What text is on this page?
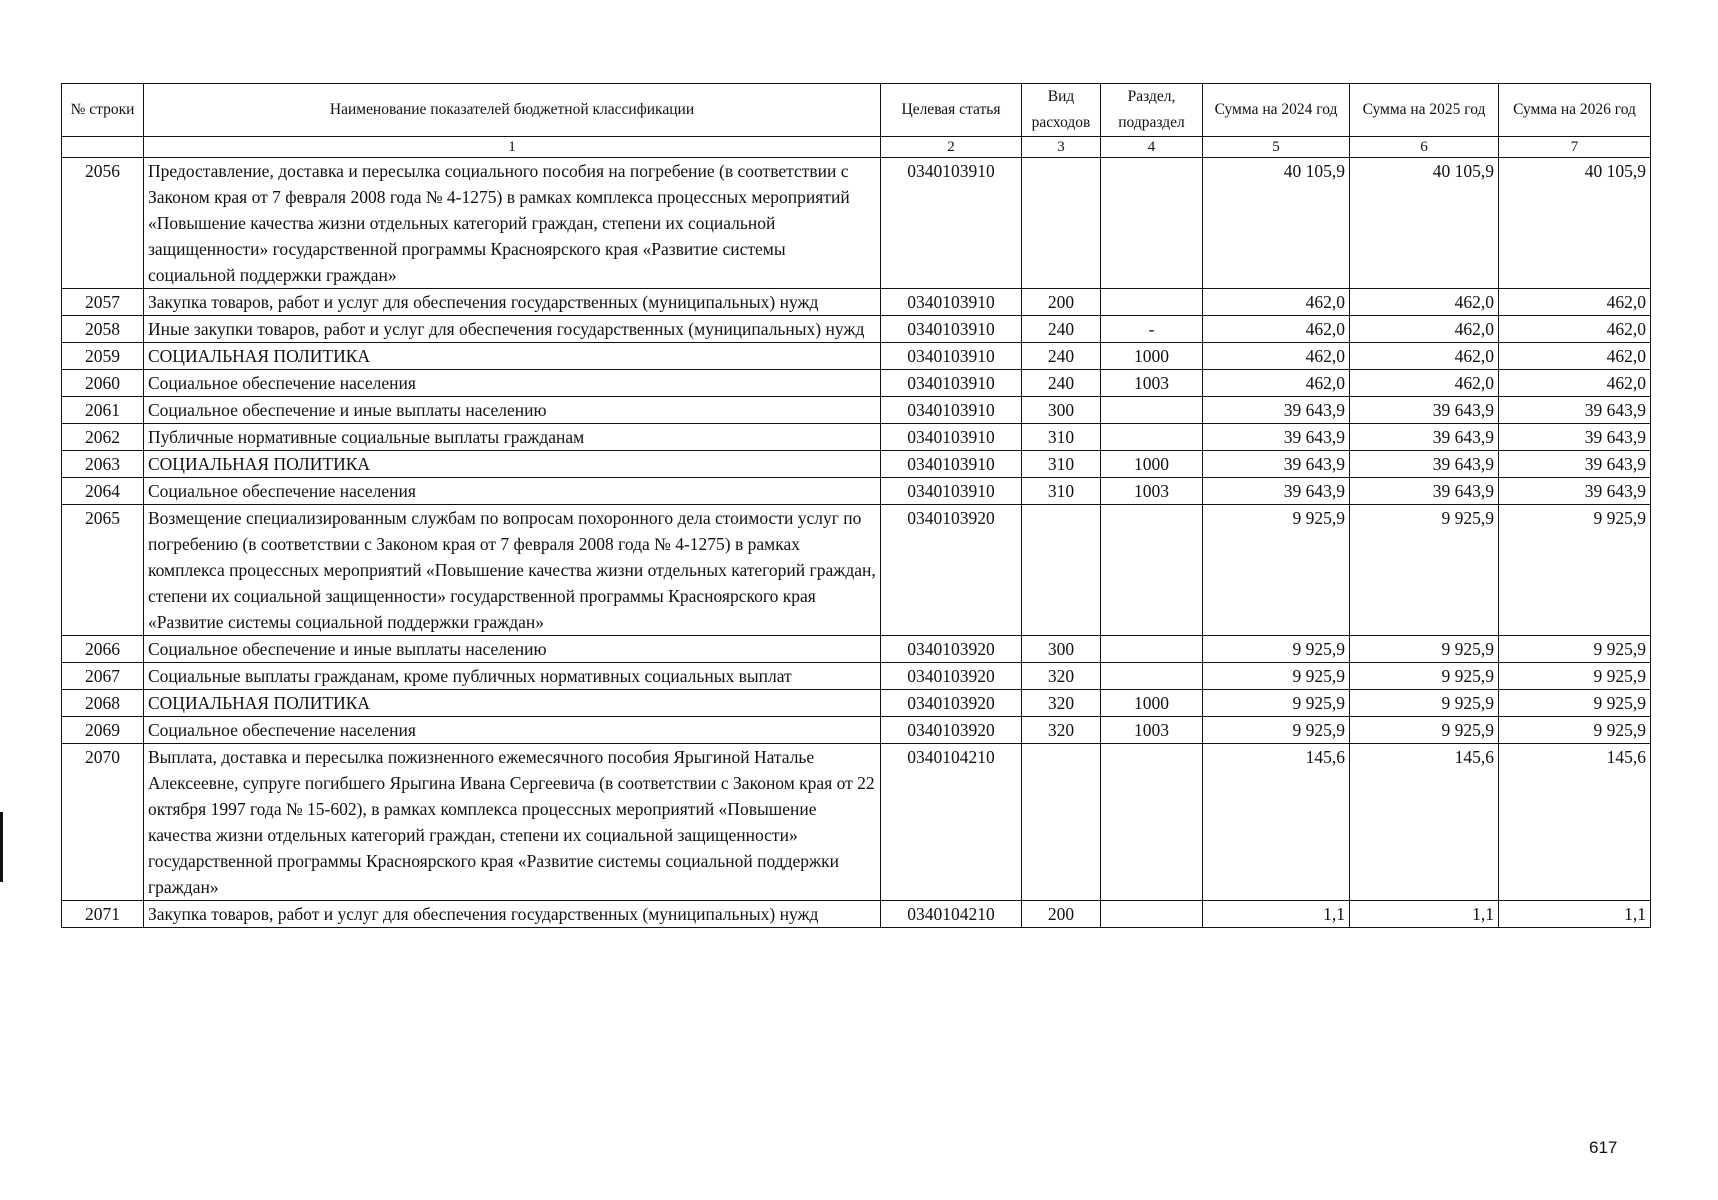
№ строки	Наименование показателей бюджетной классификации	Целевая статья	Вид расходов	Раздел, подраздел	Сумма на 2024 год	Сумма на 2025 год	Сумма на 2026 год
	1	2	3	4	5	6	7
2056	Предоставление, доставка и пересылка социального пособия на погребение (в соответствии с Законом края от 7 февраля 2008 года № 4-1275) в рамках комплекса процессных мероприятий «Повышение качества жизни отдельных категорий граждан, степени их социальной защищенности» государственной программы Красноярского края «Развитие системы социальной поддержки граждан»	0340103910			40 105,9	40 105,9	40 105,9
2057	Закупка товаров, работ и услуг для обеспечения государственных (муниципальных) нужд	0340103910	200		462,0	462,0	462,0
2058	Иные закупки товаров, работ и услуг для обеспечения государственных (муниципальных) нужд	0340103910	240	-	462,0	462,0	462,0
2059	СОЦИАЛЬНАЯ ПОЛИТИКА	0340103910	240	1000	462,0	462,0	462,0
2060	Социальное обеспечение населения	0340103910	240	1003	462,0	462,0	462,0
2061	Социальное обеспечение и иные выплаты населению	0340103910	300		39 643,9	39 643,9	39 643,9
2062	Публичные нормативные социальные выплаты гражданам	0340103910	310		39 643,9	39 643,9	39 643,9
2063	СОЦИАЛЬНАЯ ПОЛИТИКА	0340103910	310	1000	39 643,9	39 643,9	39 643,9
2064	Социальное обеспечение населения	0340103910	310	1003	39 643,9	39 643,9	39 643,9
2065	Возмещение специализированным службам по вопросам похоронного дела стоимости услуг по погребению (в соответствии с Законом края от 7 февраля 2008 года № 4-1275) в рамках комплекса процессных мероприятий «Повышение качества жизни отдельных категорий граждан, степени их социальной защищенности» государственной программы Красноярского края «Развитие системы социальной поддержки граждан»	0340103920			9 925,9	9 925,9	9 925,9
2066	Социальное обеспечение и иные выплаты населению	0340103920	300		9 925,9	9 925,9	9 925,9
2067	Социальные выплаты гражданам, кроме публичных нормативных социальных выплат	0340103920	320		9 925,9	9 925,9	9 925,9
2068	СОЦИАЛЬНАЯ ПОЛИТИКА	0340103920	320	1000	9 925,9	9 925,9	9 925,9
2069	Социальное обеспечение населения	0340103920	320	1003	9 925,9	9 925,9	9 925,9
2070	Выплата, доставка и пересылка пожизненного ежемесячного пособия Ярыгиной Наталье Алексеевне, супруге погибшего Ярыгина Ивана Сергеевича (в соответствии с Законом края от 22 октября 1997 года № 15-602), в рамках комплекса процессных мероприятий «Повышение качества жизни отдельных категорий граждан, степени их социальной защищенности» государственной программы Красноярского края «Развитие системы социальной поддержки граждан»	0340104210			145,6	145,6	145,6
2071	Закупка товаров, работ и услуг для обеспечения государственных (муниципальных) нужд	0340104210	200		1,1	1,1	1,1
617
